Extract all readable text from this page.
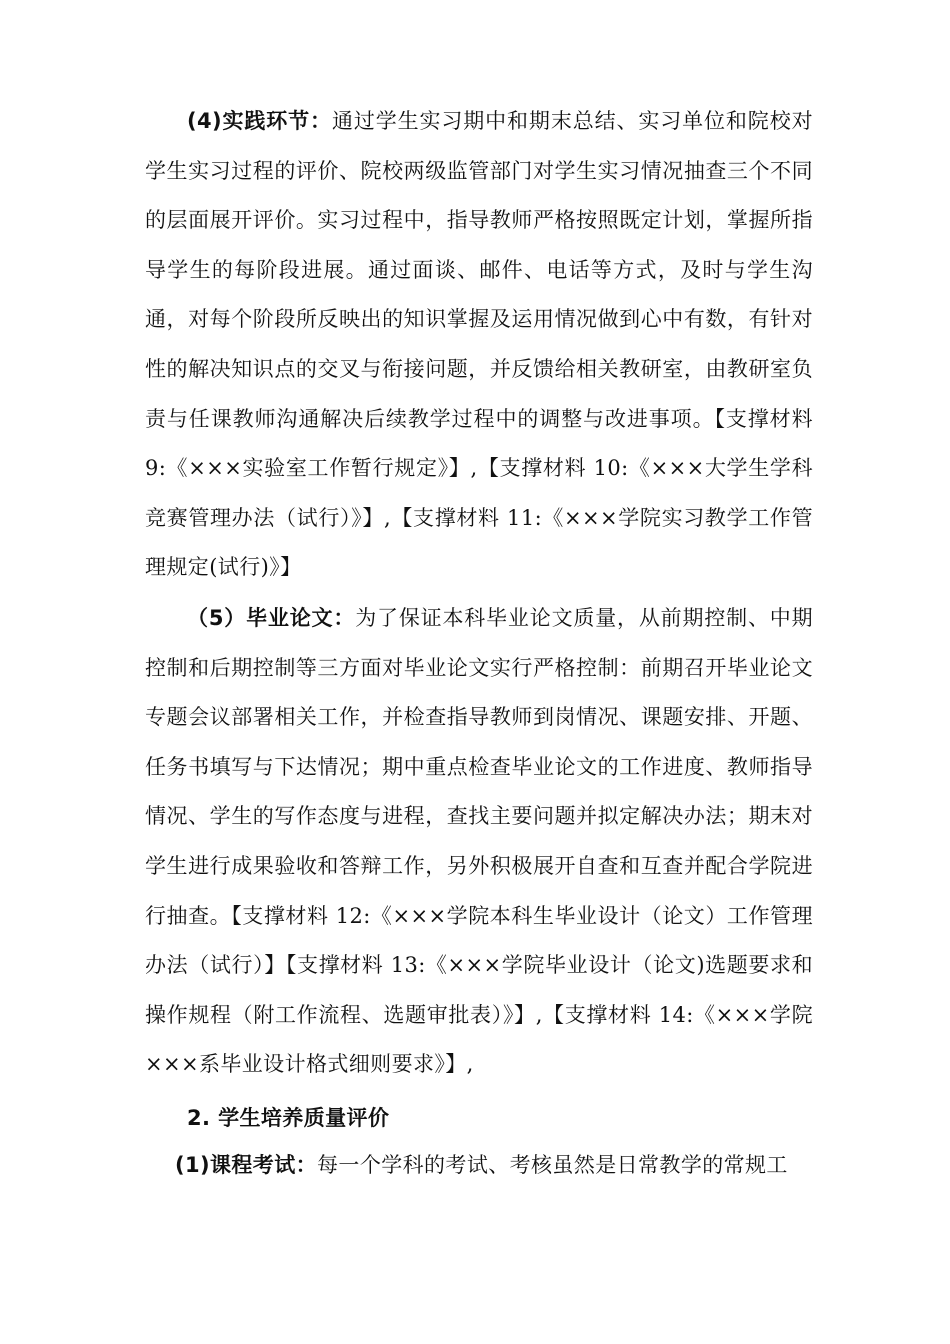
(4)实践环节：通过学生实习期中和期末总结、实习单位和院校对学生实习过程的评价、院校两级监管部门对学生实习情况抽查三个不同的层面展开评价。实习过程中，指导教师严格按照既定计划，掌握所指导学生的每阶段进展。通过面谈、邮件、电话等方式，及时与学生沟通，对每个阶段所反映出的知识掌握及运用情况做到心中有数，有针对性的解决知识点的交叉与衔接问题，并反馈给相关教研室，由教研室负责与任课教师沟通解决后续教学过程中的调整与改进事项。【支撑材料 9:《×××实验室工作暂行规定》】,【支撑材料 10:《×××大学生学科竞赛管理办法（试行）》】,【支撑材料 11:《×××学院实习教学工作管理规定(试行)》】

（5）毕业论文：为了保证本科毕业论文质量，从前期控制、中期控制和后期控制等三方面对毕业论文实行严格控制：前期召开毕业论文专题会议部署相关工作，并检查指导教师到岗情况、课题安排、开题、任务书填写与下达情况；期中重点检查毕业论文的工作进度、教师指导情况、学生的写作态度与进程，查找主要问题并拟定解决办法；期末对学生进行成果验收和答辩工作，另外积极展开自查和互查并配合学院进行抽查。【支撑材料 12:《×××学院本科生毕业设计（论文）工作管理办法（试行）】【支撑材料 13:《×××学院毕业设计（论文)选题要求和操作规程（附工作流程、选题审批表）》】,【支撑材料 14:《×××学院×××系毕业设计格式细则要求》】,

2. 学生培养质量评价

(1)课程考试：每一个学科的考试、考核虽然是日常教学的常规工
